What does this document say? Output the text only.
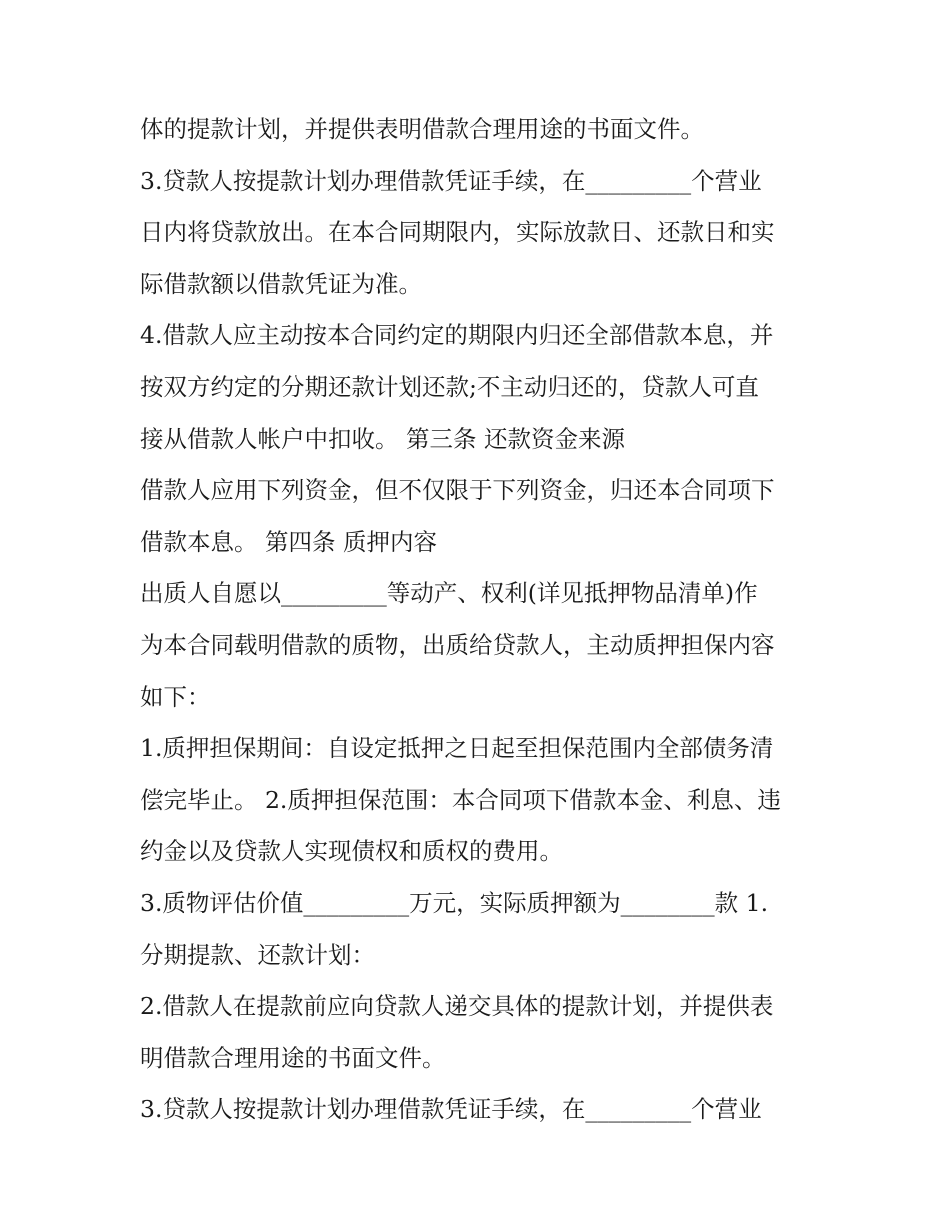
体的提款计划，并提供表明借款合理用途的书面文件。
3.贷款人按提款计划办理借款凭证手续，在_________个营业
日内将贷款放出。在本合同期限内，实际放款日、还款日和实
际借款额以借款凭证为准。
4.借款人应主动按本合同约定的期限内归还全部借款本息，并
按双方约定的分期还款计划还款;不主动归还的，贷款人可直
接从借款人帐户中扣收。 第三条 还款资金来源
借款人应用下列资金，但不仅限于下列资金，归还本合同项下
借款本息。 第四条 质押内容
出质人自愿以_________等动产、权利(详见抵押物品清单)作
为本合同载明借款的质物，出质给贷款人，主动质押担保内容
如下：
1.质押担保期间：自设定抵押之日起至担保范围内全部债务清
偿完毕止。 2.质押担保范围：本合同项下借款本金、利息、违
约金以及贷款人实现债权和质权的费用。
3.质物评估价值_________万元，实际质押额为________款 1.
分期提款、还款计划：
2.借款人在提款前应向贷款人递交具体的提款计划，并提供表
明借款合理用途的书面文件。
3.贷款人按提款计划办理借款凭证手续，在_________个营业
